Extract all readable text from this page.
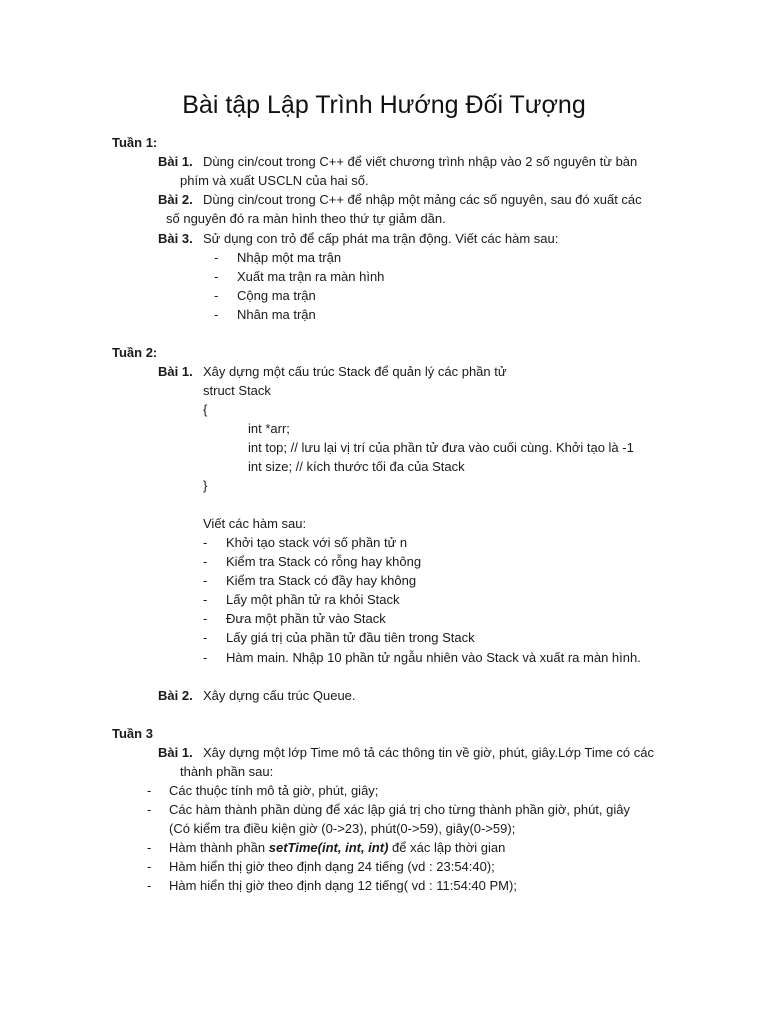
Bài tập Lập Trình Hướng Đối Tượng
Tuần 1:
Bài 1. Dùng cin/cout trong C++ để viết chương trình nhập vào 2 số nguyên từ bàn
phím và xuất USCLN của hai số.
Bài 2. Dùng cin/cout trong C++ để nhập một mảng các số nguyên, sau đó xuất các
số nguyên đó ra màn hình theo thứ tự giảm dần.
Bài 3. Sử dụng con trỏ để cấp phát ma trận động. Viết các hàm sau:
- Nhập một ma trận
- Xuất ma trận ra màn hình
- Cộng ma trận
- Nhân ma trận
Tuần 2:
Bài 1. Xây dựng một cấu trúc Stack để quản lý các phần tử
struct Stack
{
int *arr;
int top; // lưu lại vị trí của phần tử đưa vào cuối cùng. Khởi tạo là -1
int size; // kích thước tối đa của Stack
}
Viết các hàm sau:
- Khởi tạo stack với số phần tử n
- Kiểm tra Stack có rỗng hay không
- Kiểm tra Stack có đầy hay không
- Lấy một phần tử ra khỏi Stack
- Đưa một phần tử vào Stack
- Lấy giá trị của phần tử đầu tiên trong Stack
- Hàm main. Nhập 10 phần tử ngẫu nhiên vào Stack và xuất ra màn hình.
Bài 2. Xây dựng cấu trúc Queue.
Tuần 3
Bài 1. Xây dựng một lớp Time mô tả các thông tin về giờ, phút, giây.Lớp Time có các
thành phần sau:
- Các thuộc tính mô tả giờ, phút, giây;
- Các hàm thành phần dùng để xác lập giá trị cho từng thành phần giờ, phút, giây
(Có kiểm tra điều kiện giờ (0->23), phút(0->59), giây(0->59);
- Hàm thành phần setTime(int, int, int) để xác lập thời gian
- Hàm hiển thị giờ theo định dạng 24 tiếng (vd : 23:54:40);
- Hàm hiển thị giờ theo định dạng 12 tiếng( vd : 11:54:40 PM);
